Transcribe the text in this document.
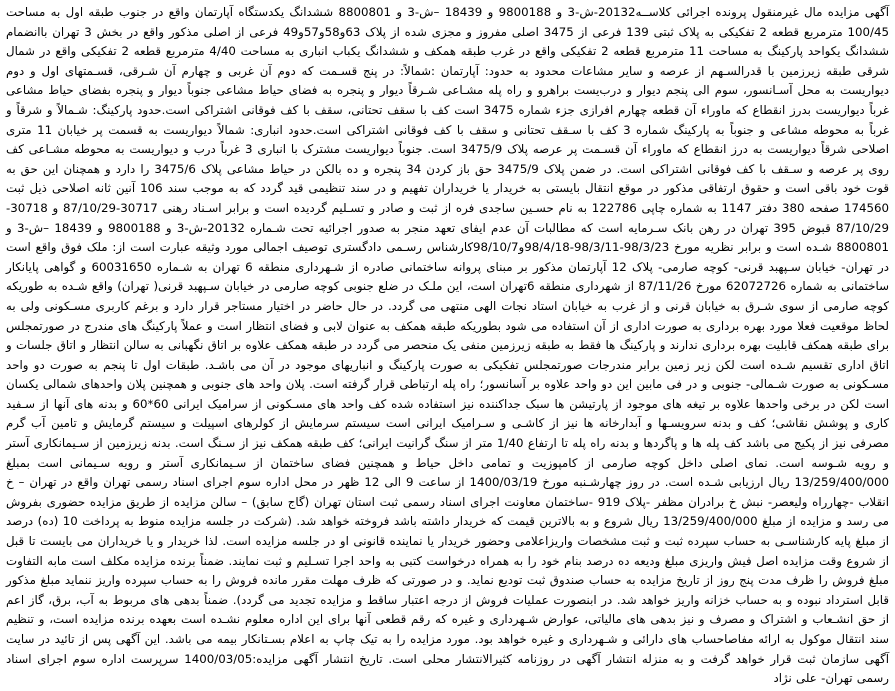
آگهی مزایده مال غیرمنقول پرونده اجرائی کلاســه20132-ش-3 و 9800188 و 18439 –ش-3 و 8800801 ششدانگ یکدستگاه آپارتمان واقع در جنوب طبقه اول به مساحت 100/45 مترمربع قطعه 2 تفکیکی به پلاک ثبتی 139 فرعی از 3475 اصلی مفروز و مجزی شده از پلاک 63و58و57و49 فرعی از اصلی مذکور واقع در بخش 3 تهران باانضمام ششدانگ یکواحد پارکینگ به مساحت 11 مترمربع قطعه 2 تفکیکی واقع در غرب طبقه همکف و ششدانگ یکباب انباری به مساحت 4/40 مترمربع قطعه 2 تفکیکی واقع در شمال شرقی طبقه زیرزمین با قدرالسـهم از عرصه و سایر مشاعات محدود به حدود: آپارتمان :شمالاً: در پنج قسـمت که دوم آن غربی و چهارم آن شـرقی، قسـمتهای اول و دوم دیواریست به محل آسـانسور، سوم الی پنجم دیوار و درب‌یست براهرو و راه پله مشـاعی شـرقاً دیوار و پنجره به فضای حیاط مشاعی جنوباً دیوار و پنجره بفضای حیاط مشاعی غرباً دیواریست بدرز انقطاع که ماوراء آن قطعه چهارم افرازی جزء شماره 3475 است کف با سقف تحتانی، سقف با کف فوقانی اشتراکی است.حدود پارکینگ: شـمالاً و شرقاً و غرباً به محوطه مشاعی و جنوباً به پارکینگ شماره 3 کف با سـقف تحتانی و سقف با کف فوقانی اشتراکی است.حدود انباری: شمالاً دیواریست به قسمت پر خیابان 11 متری اصلاحی شرقاً دیواریست به درز انقطاع که ماوراء آن قسـمت پر عرصه پلاک 3475/9 است. جنوباً دیواریست مشترک با انباری 3 غرباً درب و دیواریست به محوطه مشـاعی کف روی پر عرصه و سـقف با کف فوقانی اشتراکی است. در ضمن پلاک 3475/9 حق باز کردن 34 پنجره و ده بالکن در حیاط مشاعی پلاک 3475/6 را دارد و همچنان این حق به قوت خود باقی است و حقوق ارتفاقی مذکور در موقع انتقال بایستی به خریدار یا خریداران تفهیم و در سند تنظیمی قید گردد که به موجب سند 106 آنین ثانه اصلاحی ذیل ثبت 174560 صفحه 380 دفتر 1147 به شماره چاپی 122786 به نام حسـین ساجدی فره از ثبت و صادر و تسـلیم گردیده است و برابر اسـناد رهنی 30717-87/10/29 و 30718-87/10/29 قبوض 395 تهران در رهن بانک سـرمایه است که مطالبات آن عدم ایفای تعهد منجر به صدور اجرائیه تحت شـماره 20132-ش-3 و 9800188 و 18439 –ش-3 و 8800801 شـده است و برابر نظریه مورخ 98/3/23-98/3/11-98/4/18و98/10/7کارشناس رسـمی دادگستری توصیف اجمالی مورد وثیقه عبارت است از: ملک فوق واقع است در تهران- خیابان سـپهبد قرنی- کوچه صارمی- پلاک 12 آپارتمان مذکور بر مبنای پروانه ساختمانی صادره از شـهرداری منطقه 6 تهران به شـماره 60031650 و گواهی پایانکار ساختمانی به شماره 62072726 مورخ 87/11/26 از شهرداری منطقه 6تهران است، این ملـک در ضلع جنوبی کوچه صارمی در خیابان سـپهبد قرنی( تهران) واقع شـده به طوریکه کوچه صارمی از سوی شـرق به خیابان قرنی و از غرب به خیابان استاد نجات الهی منتهی می گردد. در حال حاضر در اختیار مستاجر قرار دارد و برغم کاربری مسـکونی ولی به لحاظ موقعیت فعلا مورد بهره برداری به صورت اداری از آن استفاده می شود بطوریکه طبقه همکف به عنوان لابی و فضای انتظار است و عملاً پارکینگ های مندرج در صورتمجلس برای طبقه همکف قابلیت بهره برداری ندارند و پارکینگ ها فقط به طبقه زیرزمین منفی یک منحصر می گردد در طبقه همکف علاوه بر اتاق نگهبانی به سالن انتظار و اتاق جلسات و اتاق اداری تقسیم شـده است لکن زیر زمین برابر مندرجات صورتمجلس تفکیکی به صورت پارکینگ و انباریهای موجود در آن می باشـد. طبقات اول تا پنجم به صورت دو واحد مسـکونی به صورت شـمالی- جنوبی و در فی مابین این دو واحد علاوه بر آسانسور؛ راه پله ارتباطی قرار گرفته است. پلان واحد های جنوبی و همچنین پلان واحدهای شمالی یکسان است لکن در برخی واحدها علاوه بر تیغه های موجود از پارتیشن ها سبک جداکننده نیز استفاده شده کف واحد های مسـکونی از سرامیک ایرانی 60*60 و بدنه های آنها از سـفید کاری و پوشش نقاشی؛ کف و بدنه سرویسـها و آبدارخانه ها نیز از کاشـی و سـرامیک ایرانی است سیستم سرمایش از کولرهای اسپیلت و سیستم گرمایش و تامین آب گرم مصرفی نیز از پکیج می باشد کف پله ها و پاگردها و بدنه راه پله تا ارتفاع 1/40 متر از سنگ گرانیت ایرانی؛ کف طبقه همکف نیز از سـنگ است. بدنه زیرزمین از سـیمانکاری آستر و رویه شـوسه است. نمای اصلی داخل کوچه صارمی از کامپوزیت و تمامی داخل حیاط و همچنین فضای ساختمان از سـیمانکاری آستر و رویه سـیمانی است بمبلغ 13/259/400/000 ریال ارزیابی شـده است. در روز چهارشـنبه مورخ 1400/03/19 از ساعت 9 الی 12 ظهر در محل اداره سوم اجرای اسناد رسمی تهران واقع در تهران – خ انقلاب -چهارراه ولیعصر- نبش خ برادران مظفر -پلاک 919 -ساختمان معاونت اجرای اسناد رسمی ثبت استان تهران (گاج سابق) – سالن مزایده از طریق مزایده حضوری بفروش می رسد و مزایده از مبلغ 13/259/400/000 ریال شروع و به بالاترین قیمت که خریدار داشته باشد فروخته خواهد شد. (شرکت در جلسه مزایده منوط به پرداخت 10 (ده) درصد از مبلغ پایه کارشناسـی به حساب سپرده ثبت و ثبت مشخصات واریزاعلامی وحضور خریدار یا نماینده قانونی او در جلسه مزایده است. لذا خریدار و یا خریداران می بایست تا قبل از شروع وقت مزایده اصل فیش واریزی مبلغ ودیعه ده درصد بنام خود را به همراه درخواست کتبی به واحد اجرا تسـلیم و ثبت نمایند. ضمناً برنده مزایده مکلف است مابه التفاوت مبلغ فروش را ظرف مدت پنج روز از تاریخ مزایده به حساب صندوق ثبت تودیع نماید. و در صورتی که ظرف مهلت مقرر مانده فروش را به حساب سپرده واریز ننماید مبلغ مذکور قابل استرداد نبوده و به حساب خزانه واریز خواهد شد. در ابنصورت عملیات فروش از درجه اعتبار ساقط و مزایده تجدید می گردد). ضمناً بدهی های مربوط به آب، برق، گاز اعم از حق انشـعاب و اشتراک و مصرف و نیز بدهی های مالیاتی، عوارض شـهرداری و غیره که رقم قطعی آنها برای این اداره معلوم نشـده است بعهده برنده مزایده است، و تنظیم سند انتقال موکول به ارائه مفاصاحساب های دارائی و شـهرداری و غیره خواهد بود. مورد مزایده را به تیک چاپ به اعلام بسـتانکار بیمه می باشد. این آگهی پس از تائید در سایت آگهی سازمان ثبت قرار خواهد گرفت و به منزله انتشار آگهی در روزنامه کثیرالانتشار محلی است. تاریخ انتشار آگهی مزایده:1400/03/05 سرپرست اداره سوم اجرای اسناد رسمی تهران- علی نژاد
